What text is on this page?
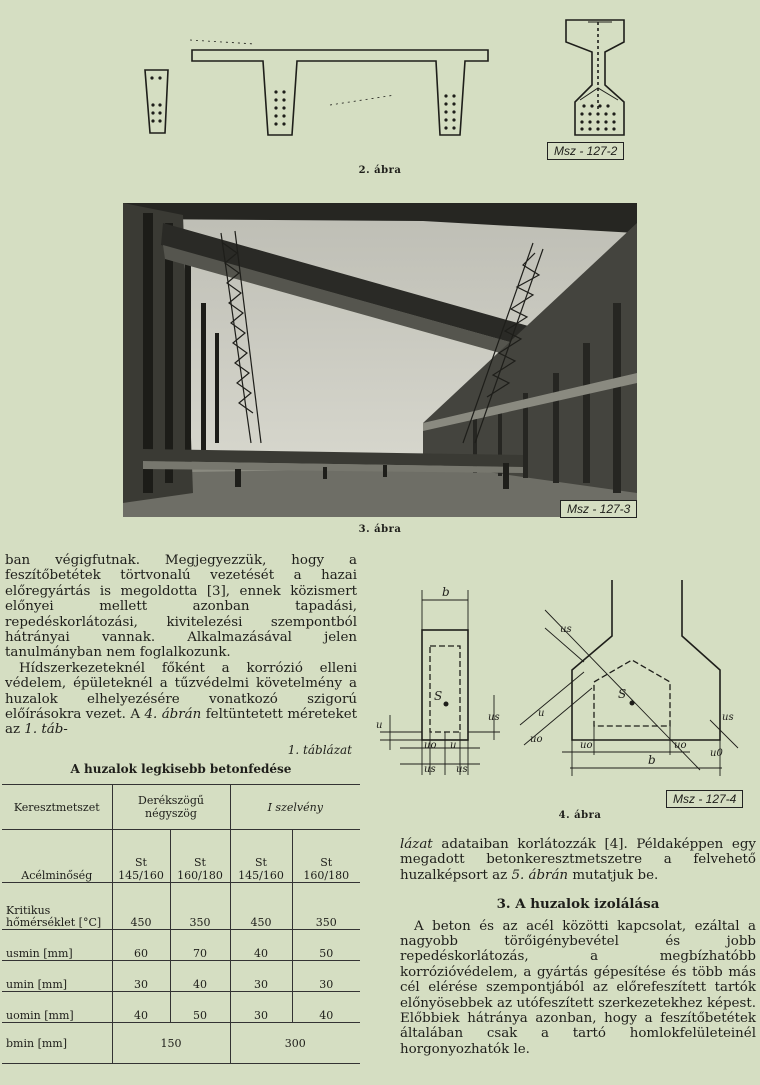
Msz - 127-2
2. ábra
Msz - 127-3
3. ábra

ban végigfutnak. Megjegyezzük, hogy a feszítőbetétek törtvonalú vezetését a hazai előregyártás is megoldotta [3], ennek közismert előnyei mellett azonban tapadási, repedéskorlátozási, kivitelezési szempontból hátrányai vannak. Alkalmazásával jelen tanulmányban nem foglalkozunk.

Hídszerkezeteknél főként a korrózió elleni védelem, épületeknél a tűzvédelmi követelmény a huzalok elhelyezésére vonatkozó szigorú előírásokra vezet. A 4. ábrán feltüntetett méreteket az 1. táb-

1. táblázat
A huzalok legkisebb betonfedése
Keresztmetszet	Derékszögű négyszög		I szelvény	
Acélminőség	St 145/160	St 160/180	St 145/160	St 160/180
Kritikus hőmérséklet [°C]	450	350	450	350
usmin [mm]	60	70	40	50
umin [mm]	30	40	30	30
uomin [mm]	40	50	30	40
bmin [mm]	150		300	
b
S	S
b
u
us
uo u
us us
us
u
uo
uo	uo
us
u0
Msz - 127-4
4. ábra

lázat adataiban korlátozzák [4]. Példaképpen egy megadott betonkeresztmetszetre a felvehető huzalképsort az 5. ábrán mutatjuk be.

3. A huzalok izolálása

A beton és az acél közötti kapcsolat, ezáltal a nagyobb törőigénybevétel és jobb repedéskorlátozás, a megbízhatóbb korrózióvédelem, a gyártás gépesítése és több más cél elérése szempontjából az előrefeszített tartók előnyösebbek az utófeszített szerkezetekhez képest. Előbbiek hátránya azonban, hogy a feszítőbetétek általában csak a tartó homlokfelületeinél horgonyozhatók le.
